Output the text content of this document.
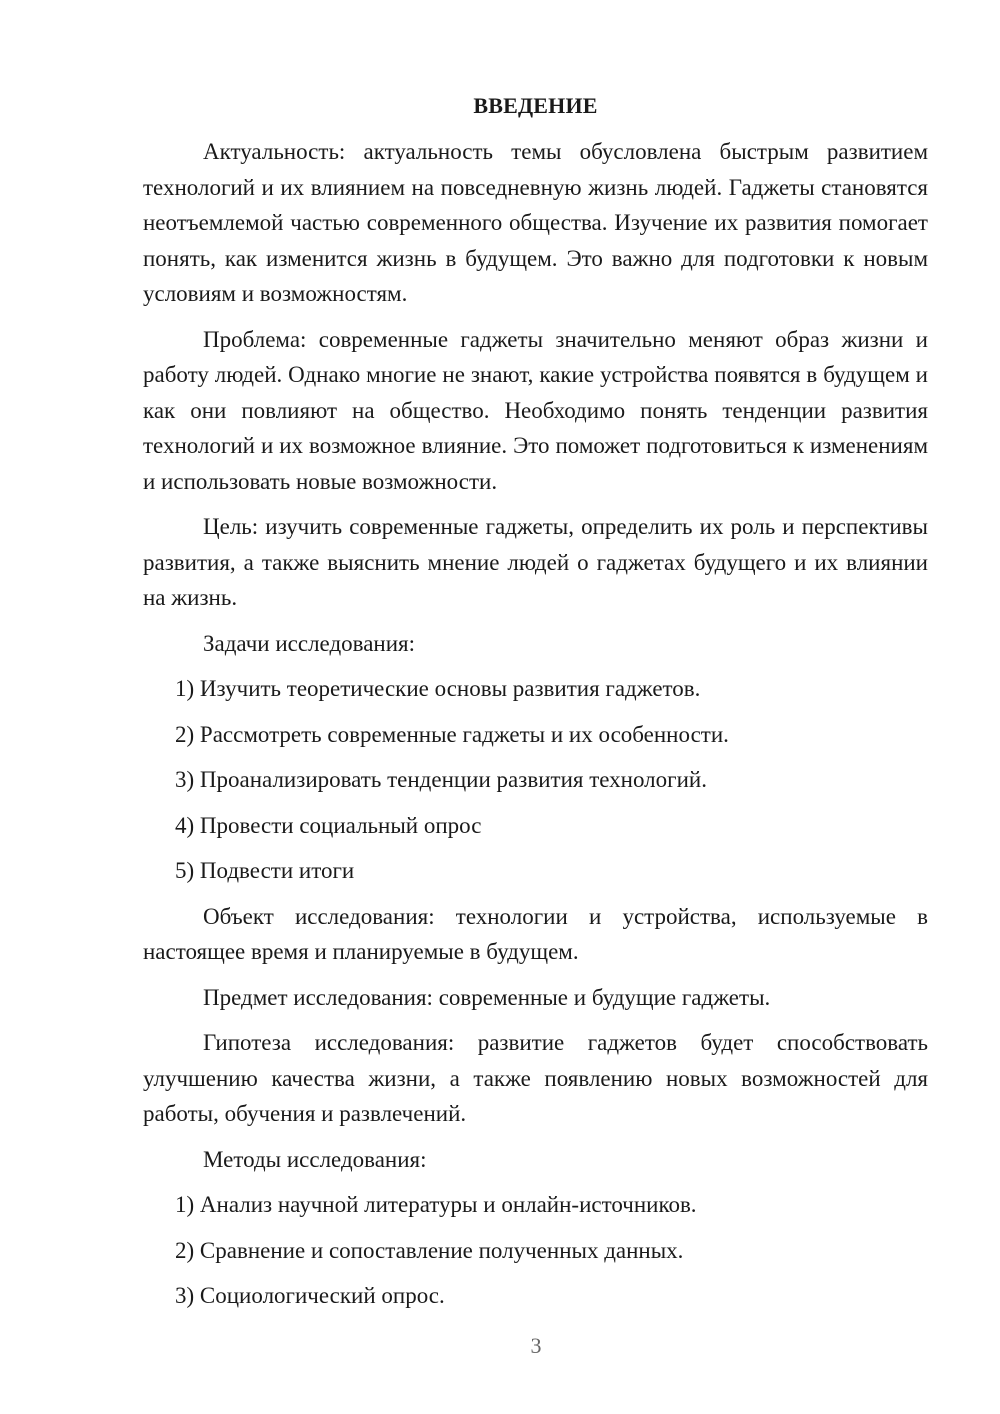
ВВЕДЕНИЕ

Актуальность: актуальность темы обусловлена быстрым развитием технологий и их влиянием на повседневную жизнь людей. Гаджеты становятся неотъемлемой частью современного общества. Изучение их развития помогает понять, как изменится жизнь в будущем. Это важно для подготовки к новым условиям и возможностям.

Проблема: современные гаджеты значительно меняют образ жизни и работу людей. Однако многие не знают, какие устройства появятся в будущем и как они повлияют на общество. Необходимо понять тенденции развития технологий и их возможное влияние. Это поможет подготовиться к изменениям и использовать новые возможности.

Цель: изучить современные гаджеты, определить их роль и перспективы развития, а также выяснить мнение людей о гаджетах будущего и их влиянии на жизнь.

Задачи исследования:

1) Изучить теоретические основы развития гаджетов.
2) Рассмотреть современные гаджеты и их особенности.
3) Проанализировать тенденции развития технологий.
4) Провести социальный опрос
5) Подвести итоги

Объект исследования: технологии и устройства, используемые в настоящее время и планируемые в будущем.

Предмет исследования: современные и будущие гаджеты.

Гипотеза исследования: развитие гаджетов будет способствовать улучшению качества жизни, а также появлению новых возможностей для работы, обучения и развлечений.

Методы исследования:

1) Анализ научной литературы и онлайн-источников.
2) Сравнение и сопоставление полученных данных.
3) Социологический опрос.
3
